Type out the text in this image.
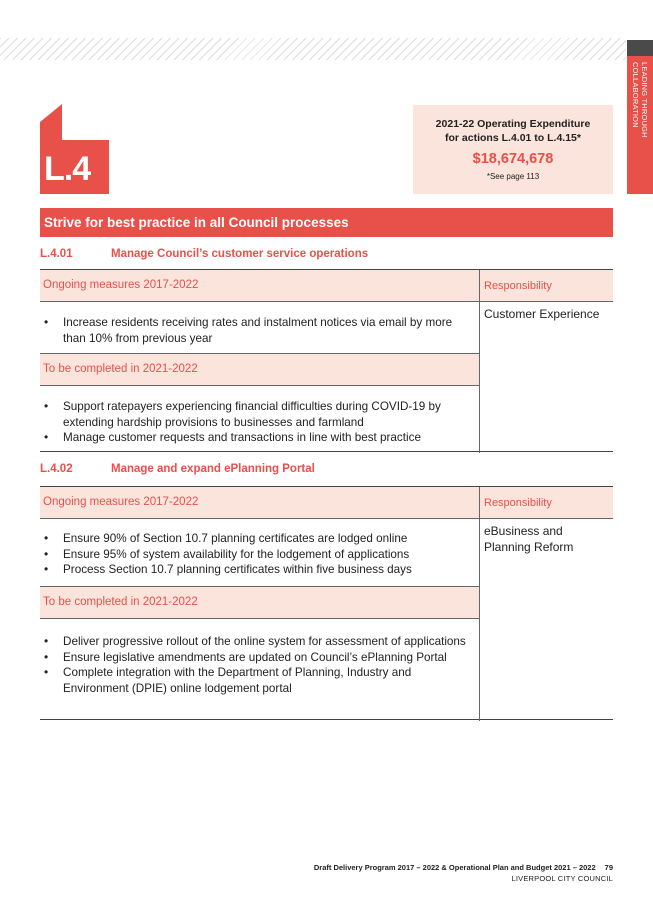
LEADING THROUGH
COLLABORATION
L.4
2021-22 Operating Expenditure
for actions L.4.01 to L.4.15*
$18,674,678
*See page 113
Strive for best practice in all Council processes
L.4.01	Manage Council’s customer service operations
Ongoing measures 2017-2022	Responsibility
Customer Experience
• Increase residents receiving rates and instalment notices via email by more than 10% from previous year
To be completed in 2021-2022
• Support ratepayers experiencing financial difficulties during COVID-19 by extending hardship provisions to businesses and farmland
• Manage customer requests and transactions in line with best practice
L.4.02	Manage and expand ePlanning Portal
Ongoing measures 2017-2022	Responsibility
eBusiness and Planning Reform
• Ensure 90% of Section 10.7 planning certificates are lodged online
• Ensure 95% of system availability for the lodgement of applications
• Process Section 10.7 planning certificates within five business days
To be completed in 2021-2022
• Deliver progressive rollout of the online system for assessment of applications
• Ensure legislative amendments are updated on Council’s ePlanning Portal
• Complete integration with the Department of Planning, Industry and Environment (DPIE) online lodgement portal
Draft Delivery Program 2017 – 2022 & Operational Plan and Budget 2021 – 2022 79
LIVERPOOL CITY COUNCIL
